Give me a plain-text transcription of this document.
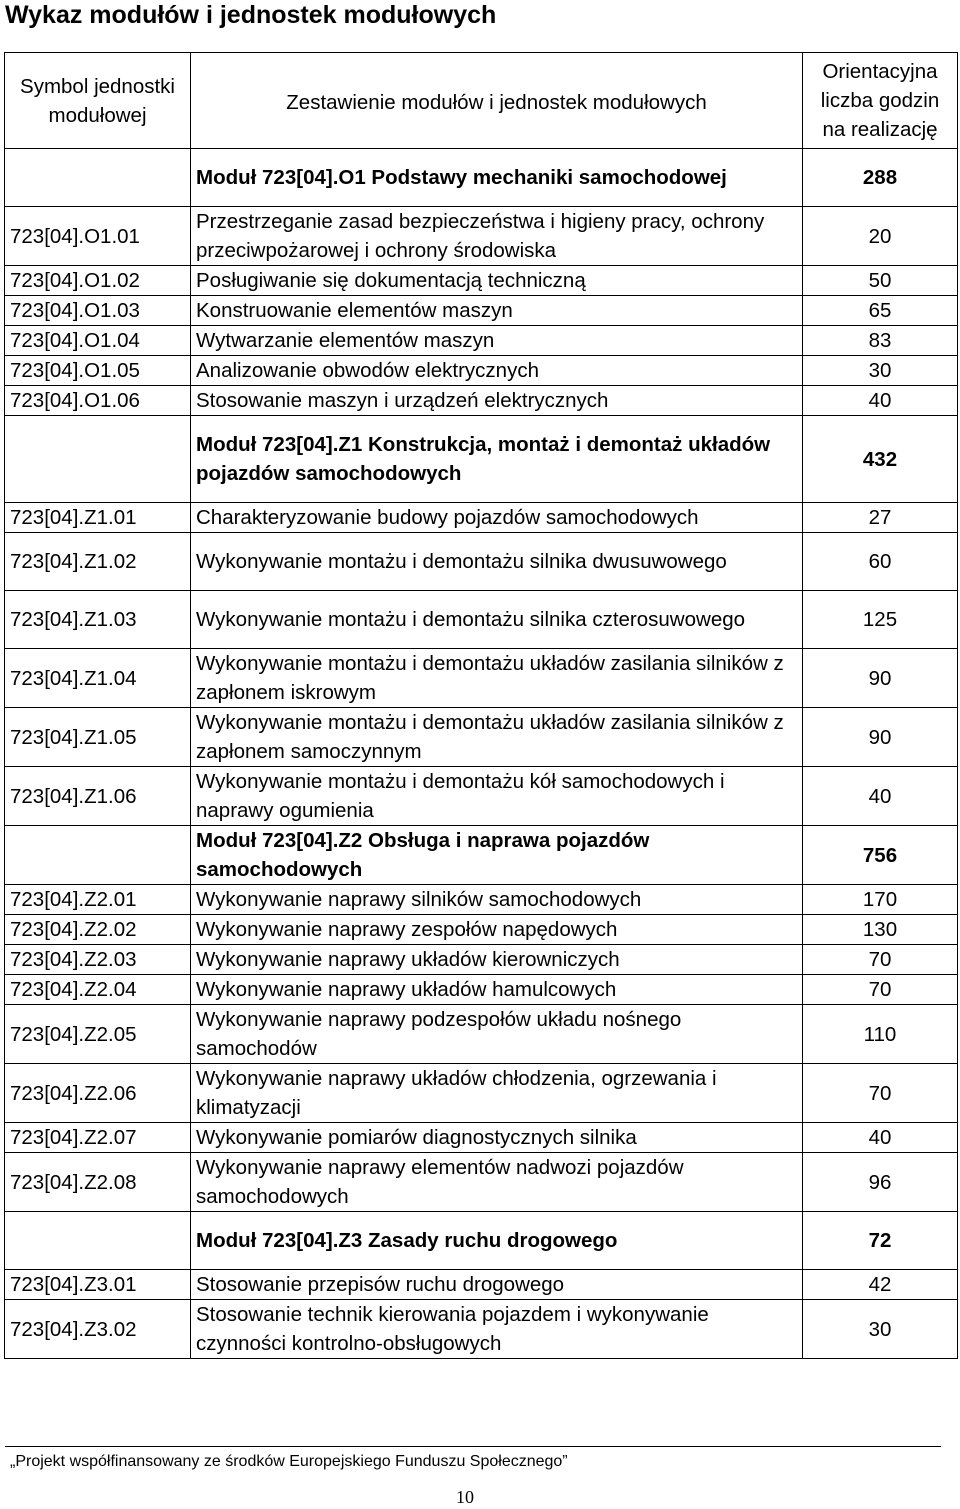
Wykaz modułów i jednostek modułowych
Symbol jednostki modułowej	Zestawienie modułów i jednostek modułowych	Orientacyjna liczba godzin na realizację
	Moduł 723[04].O1 Podstawy mechaniki samochodowej	288
723[04].O1.01	Przestrzeganie zasad bezpieczeństwa i higieny pracy, ochrony przeciwpożarowej i ochrony środowiska	20
723[04].O1.02	Posługiwanie się dokumentacją techniczną	50
723[04].O1.03	Konstruowanie elementów maszyn	65
723[04].O1.04	Wytwarzanie elementów maszyn	83
723[04].O1.05	Analizowanie obwodów elektrycznych	30
723[04].O1.06	Stosowanie maszyn i urządzeń elektrycznych	40
	Moduł 723[04].Z1 Konstrukcja, montaż i demontaż układów pojazdów samochodowych	432
723[04].Z1.01	Charakteryzowanie budowy pojazdów samochodowych	27
723[04].Z1.02	Wykonywanie montażu i demontażu silnika dwusuwowego	60
723[04].Z1.03	Wykonywanie montażu i demontażu silnika czterosuwowego	125
723[04].Z1.04	Wykonywanie montażu i demontażu układów zasilania silników z zapłonem iskrowym	90
723[04].Z1.05	Wykonywanie montażu i demontażu układów zasilania silników z zapłonem samoczynnym	90
723[04].Z1.06	Wykonywanie montażu i demontażu kół samochodowych i naprawy ogumienia	40
	Moduł 723[04].Z2 Obsługa i naprawa pojazdów samochodowych	756
723[04].Z2.01	Wykonywanie naprawy silników samochodowych	170
723[04].Z2.02	Wykonywanie naprawy zespołów napędowych	130
723[04].Z2.03	Wykonywanie naprawy układów kierowniczych	70
723[04].Z2.04	Wykonywanie naprawy układów hamulcowych	70
723[04].Z2.05	Wykonywanie naprawy podzespołów układu nośnego samochodów	110
723[04].Z2.06	Wykonywanie naprawy układów chłodzenia, ogrzewania i klimatyzacji	70
723[04].Z2.07	Wykonywanie pomiarów diagnostycznych silnika	40
723[04].Z2.08	Wykonywanie naprawy elementów nadwozi pojazdów samochodowych	96
	Moduł 723[04].Z3 Zasady ruchu drogowego	72
723[04].Z3.01	Stosowanie przepisów ruchu drogowego	42
723[04].Z3.02	Stosowanie technik kierowania pojazdem i wykonywanie czynności kontrolno-obsługowych	30
„Projekt współfinansowany ze środków Europejskiego Funduszu Społecznego”
10
